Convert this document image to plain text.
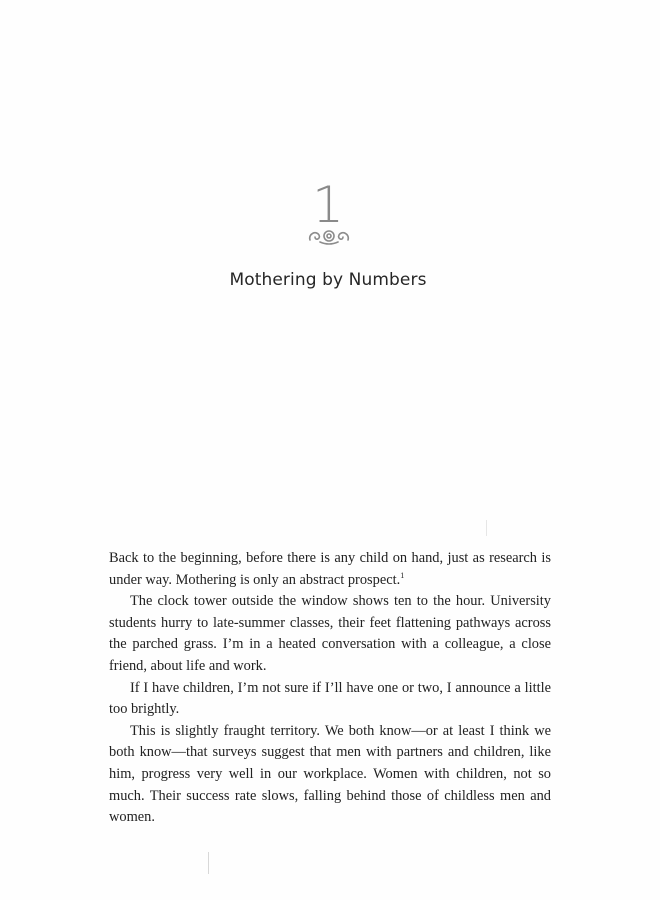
1
Mothering by Numbers

Back to the beginning, before there is any child on hand, just as research is under way. Mothering is only an abstract prospect.$^1$

The clock tower outside the window shows ten to the hour. University students hurry to late-summer classes, their feet flattening pathways across the parched grass. I’m in a heated conversation with a colleague, a close friend, about life and work.

If I have children, I’m not sure if I’ll have one or two, I announce a little too brightly.

This is slightly fraught territory. We both know—or at least I think we both know—that surveys suggest that men with partners and children, like him, progress very well in our workplace. Women with children, not so much. Their success rate slows, falling behind those of childless men and women.
